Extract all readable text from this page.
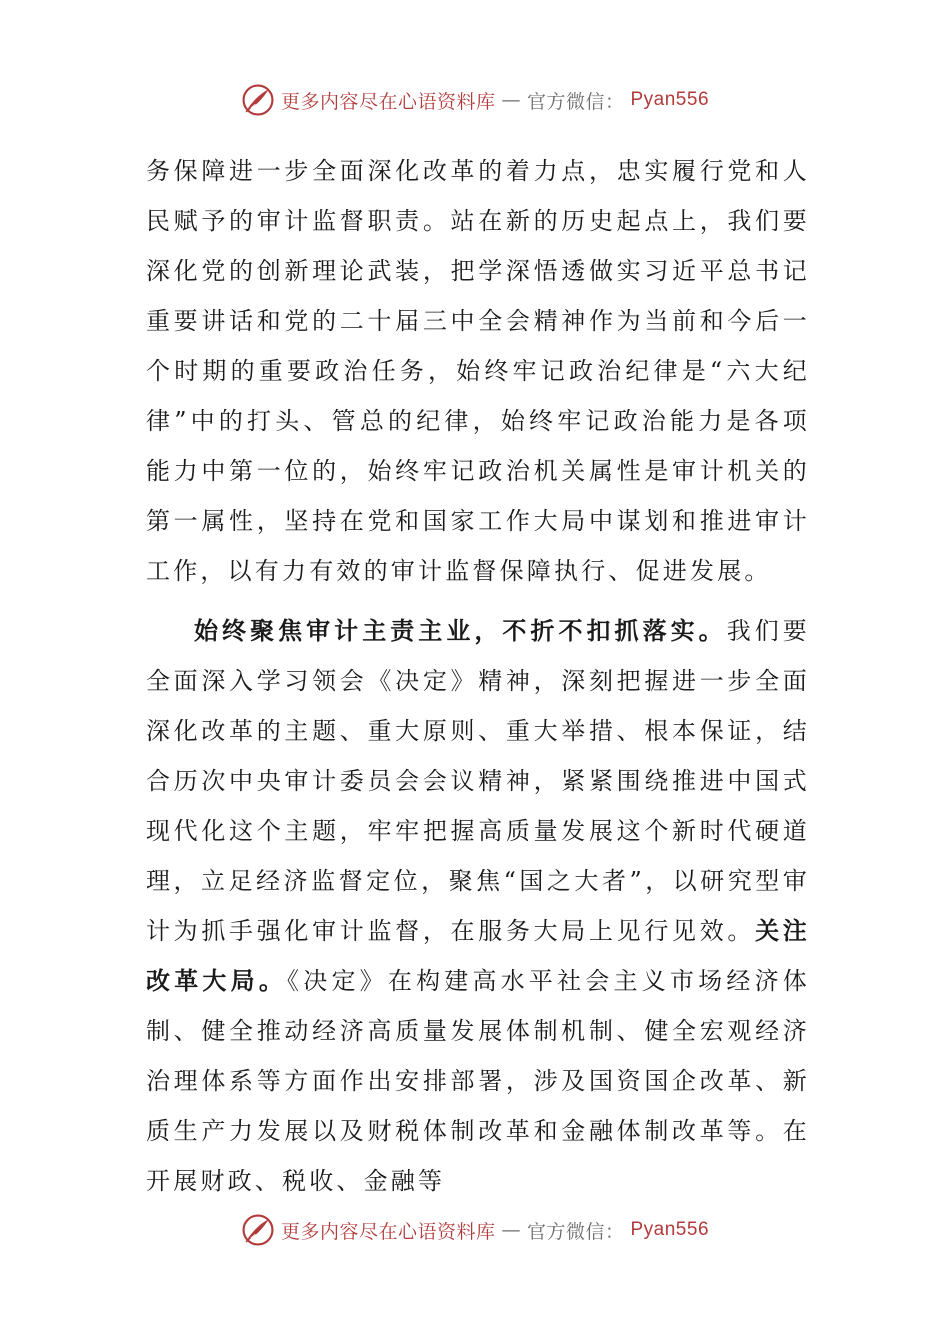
更多内容尽在心语资料库 — 官方微信： Pyan556

务保障进一步全面深化改革的着力点，忠实履行党和人民赋予的审计监督职责。站在新的历史起点上，我们要深化党的创新理论武装，把学深悟透做实习近平总书记重要讲话和党的二十届三中全会精神作为当前和今后一个时期的重要政治任务，始终牢记政治纪律是“六大纪律”中的打头、管总的纪律，始终牢记政治能力是各项能力中第一位的，始终牢记政治机关属性是审计机关的第一属性，坚持在党和国家工作大局中谋划和推进审计工作，以有力有效的审计监督保障执行、促进发展。

始终聚焦审计主责主业，不折不扣抓落实。我们要全面深入学习领会《决定》精神，深刻把握进一步全面深化改革的主题、重大原则、重大举措、根本保证，结合历次中央审计委员会会议精神，紧紧围绕推进中国式现代化这个主题，牢牢把握高质量发展这个新时代硬道理，立足经济监督定位，聚焦“国之大者”，以研究型审计为抓手强化审计监督，在服务大局上见行见效。关注改革大局。《决定》在构建高水平社会主义市场经济体制、健全推动经济高质量发展体制机制、健全宏观经济治理体系等方面作出安排部署，涉及国资国企改革、新质生产力发展以及财税体制改革和金融体制改革等。在开展财政、税收、金融等

更多内容尽在心语资料库 — 官方微信： Pyan556
